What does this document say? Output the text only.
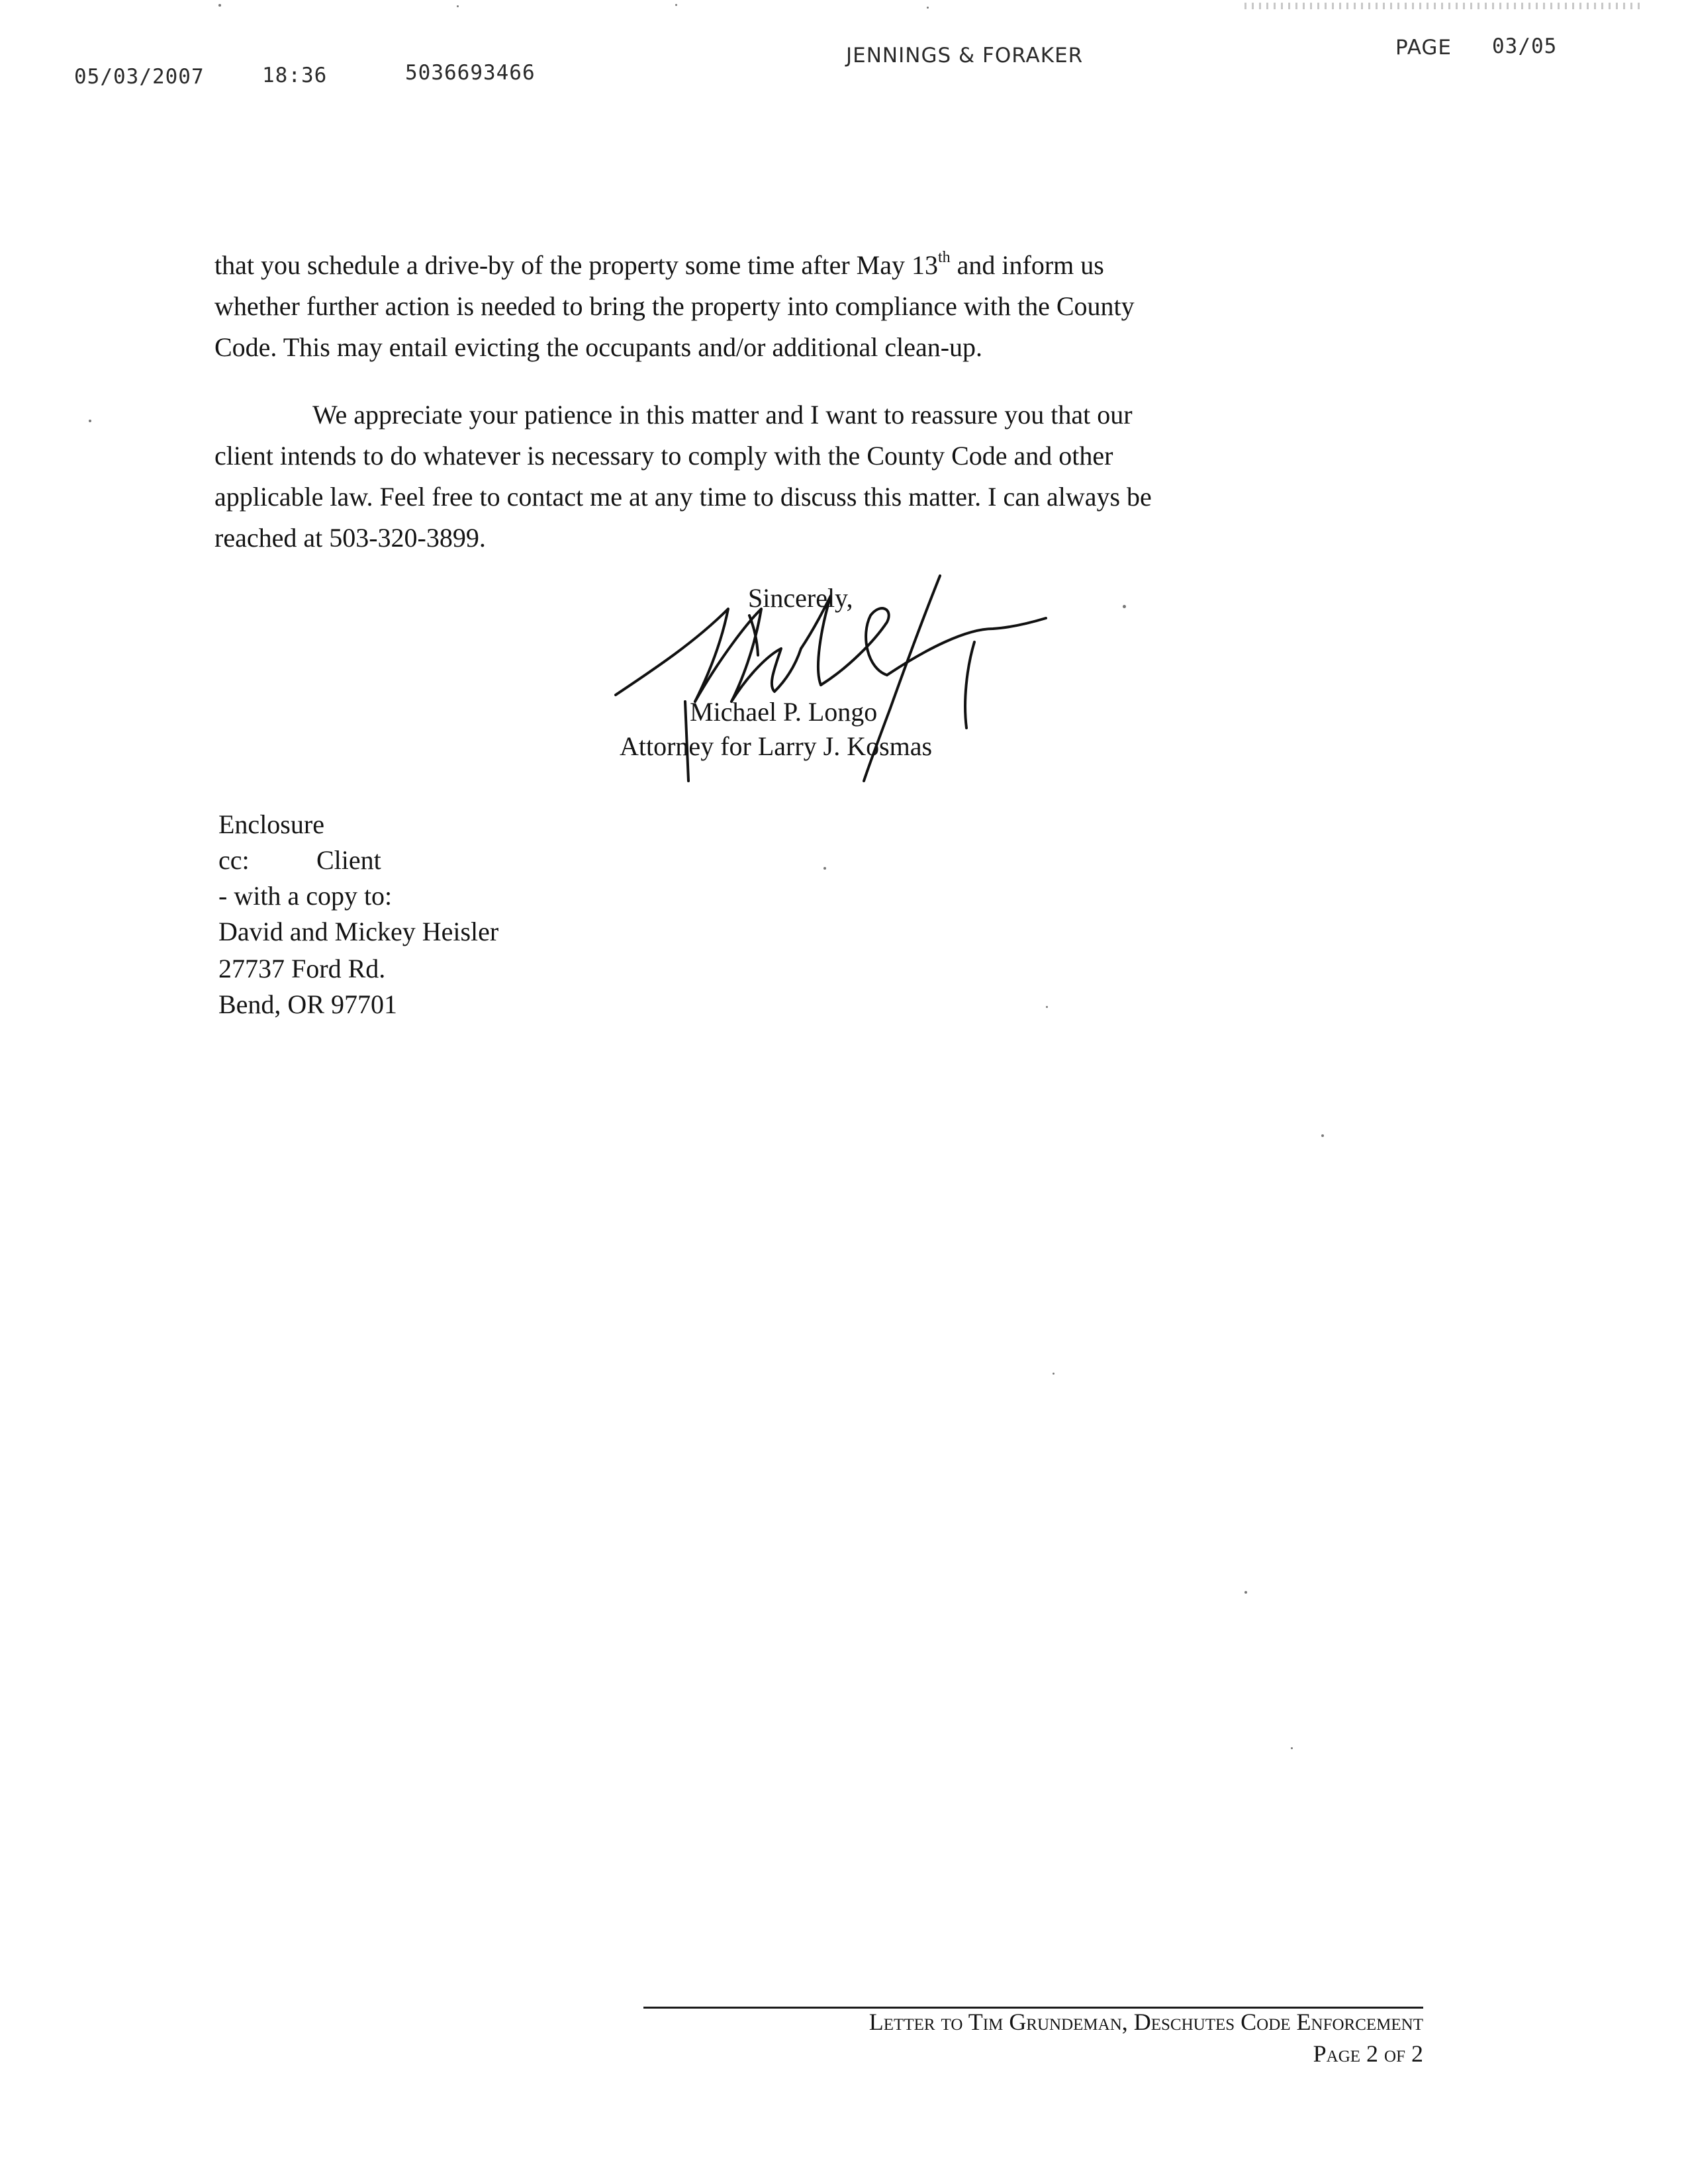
05/03/2007	18:36	5036693466
JENNINGS & FORAKER	PAGE 03/05
that you schedule a drive-by of the property some time after May 13th and inform us
whether further action is needed to bring the property into compliance with the County
Code. This may entail evicting the occupants and/or additional clean-up.
We appreciate your patience in this matter and I want to reassure you that our
client intends to do whatever is necessary to comply with the County Code and other
applicable law. Feel free to contact me at any time to discuss this matter. I can always be
reached at 503-320-3899.
Sincerely,
Michael P. Longo
Attorney for Larry J. Kosmas
Enclosure
cc:	Client
- with a copy to:
David and Mickey Heisler
27737 Ford Rd.
Bend, OR 97701
Letter to Tim Grundeman, Deschutes Code Enforcement
Page 2 of 2
